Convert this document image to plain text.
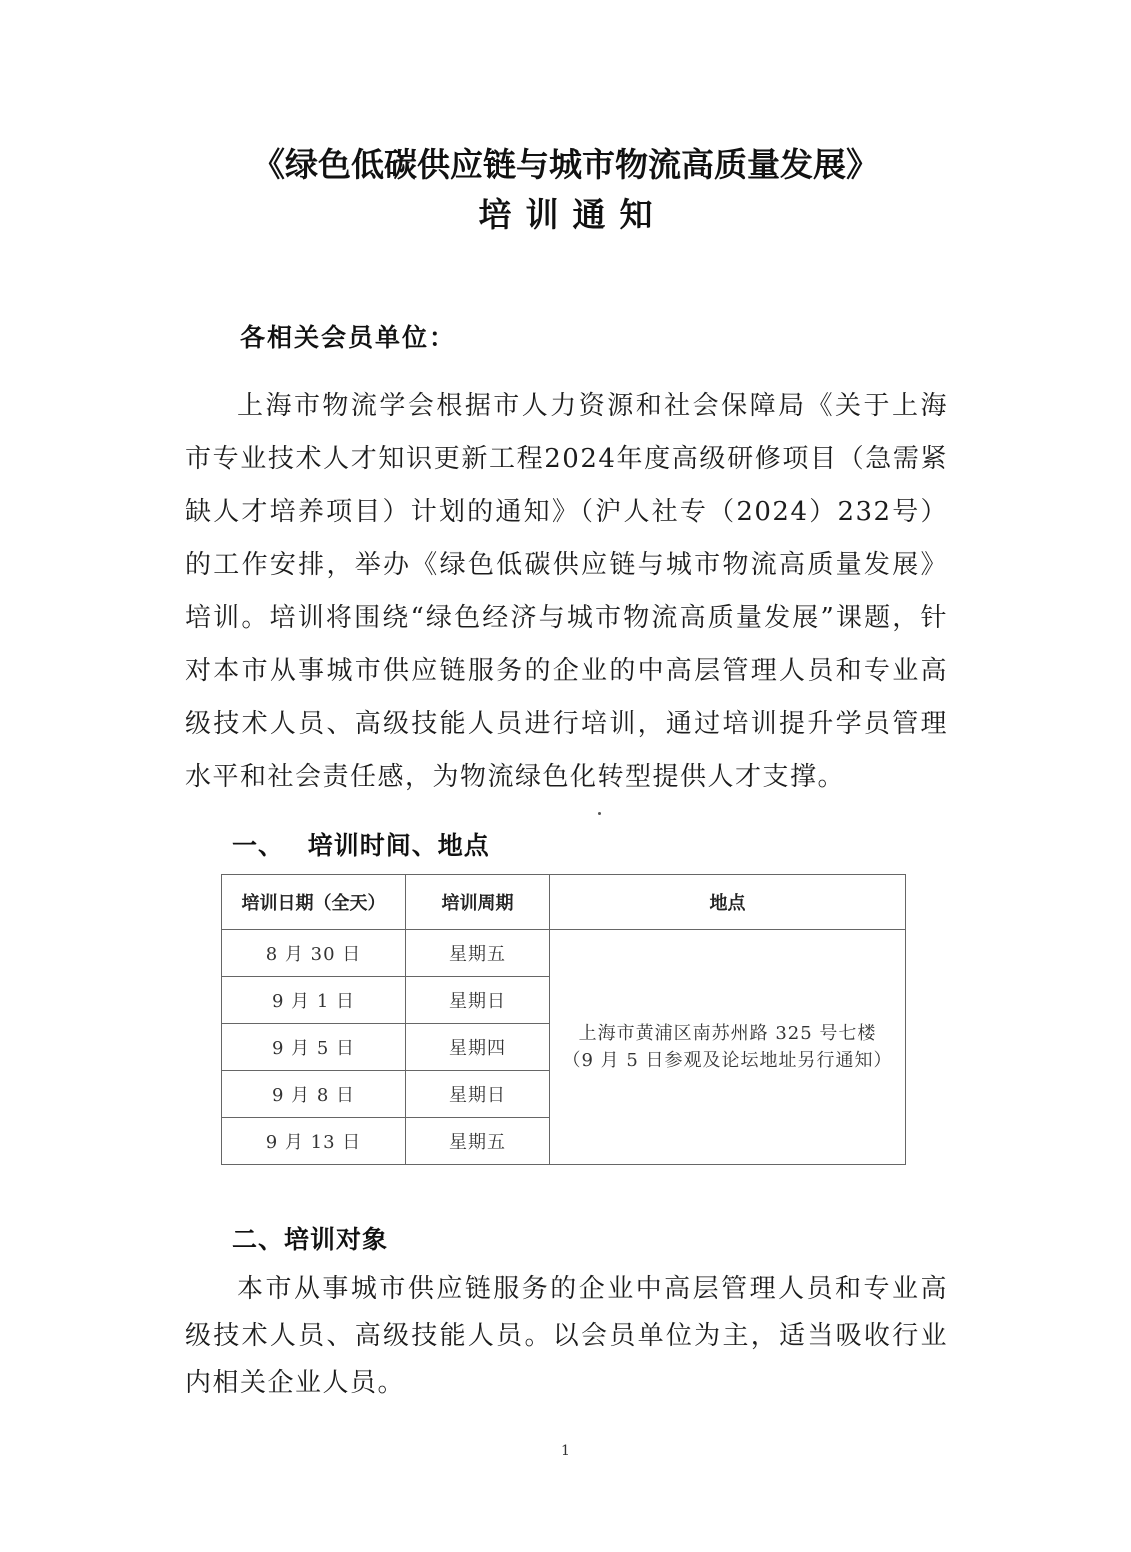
《绿色低碳供应链与城市物流高质量发展》
培训通知
各相关会员单位：

上海市物流学会根据市人力资源和社会保障局《关于上海市专业技术人才知识更新工程2024年度高级研修项目（急需紧缺人才培养项目）计划的通知》（沪人社专（2024）232号）的工作安排，举办《绿色低碳供应链与城市物流高质量发展》培训。培训将围绕“绿色经济与城市物流高质量发展”课题，针对本市从事城市供应链服务的企业的中高层管理人员和专业高级技术人员、高级技能人员进行培训，通过培训提升学员管理水平和社会责任感，为物流绿色化转型提供人才支撑。

一、 培训时间、地点
培训日期（全天）	培训周期	地点
8 月 30 日	星期五	上海市黄浦区南苏州路 325 号七楼
（9 月 5 日参观及论坛地址另行通知）

9 月 1 日	星期日	
9 月 5 日	星期四	
9 月 8 日	星期日	
9 月 13 日	星期五	
二、培训对象

本市从事城市供应链服务的企业中高层管理人员和专业高级技术人员、高级技能人员。以会员单位为主，适当吸收行业内相关企业人员。

1
